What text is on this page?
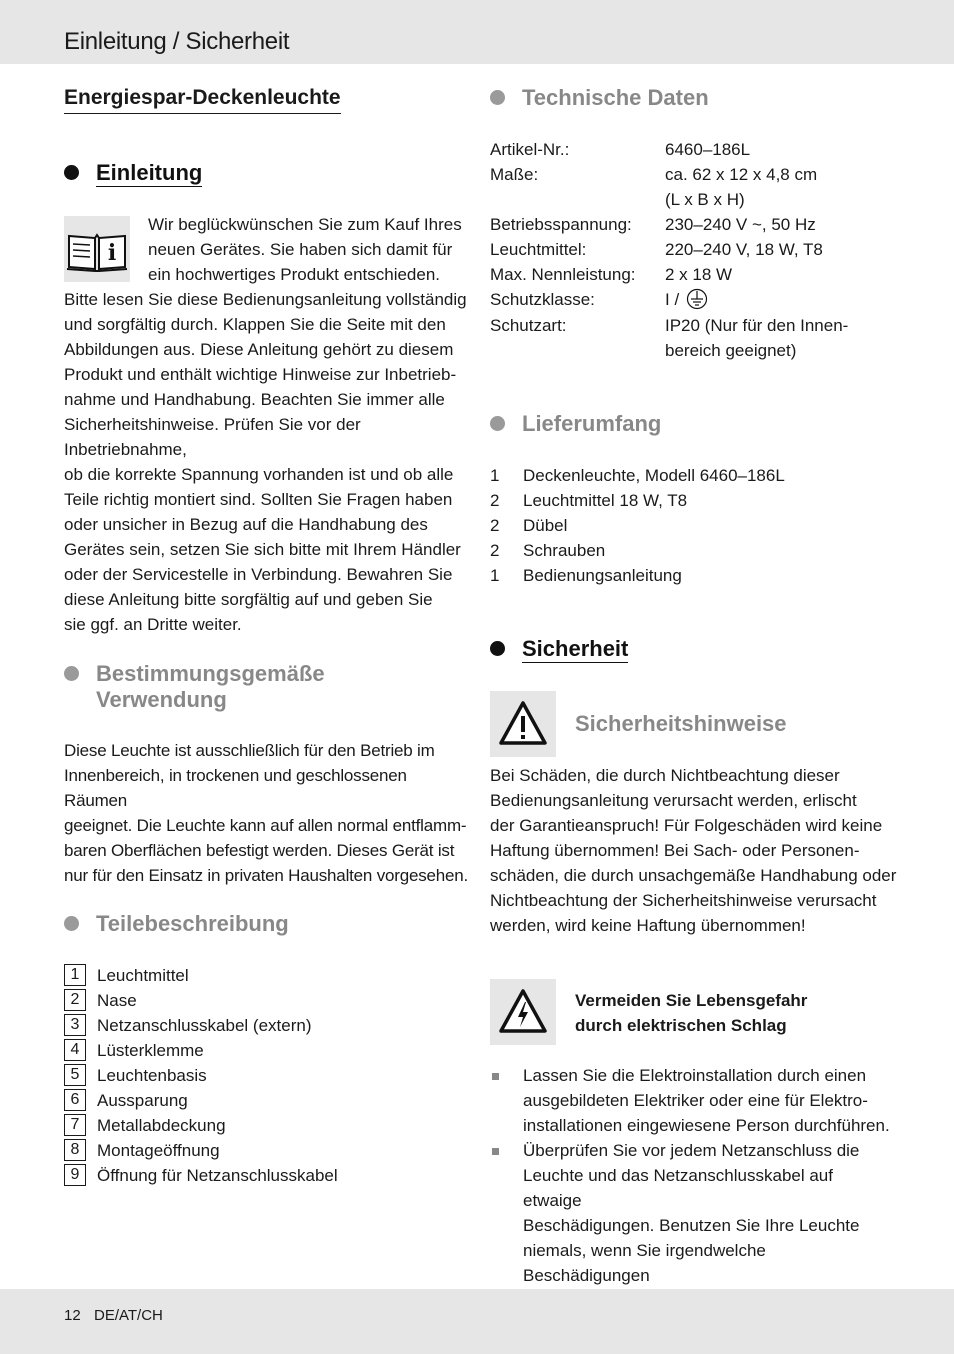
Einleitung / Sicherheit
Energiespar-Deckenleuchte
Einleitung
i
Wir beglückwünschen Sie zum Kauf Ihres
neuen Gerätes. Sie haben sich damit für
ein hochwertiges Produkt entschieden.
Bitte lesen Sie diese Bedienungsanleitung vollständig
und sorgfältig durch. Klappen Sie die Seite mit den
Abbildungen aus. Diese Anleitung gehört zu diesem
Produkt und enthält wichtige Hinweise zur Inbetrieb-
nahme und Handhabung. Beachten Sie immer alle
Sicherheitshinweise. Prüfen Sie vor der Inbetriebnahme,
ob die korrekte Spannung vorhanden ist und ob alle
Teile richtig montiert sind. Sollten Sie Fragen haben
oder unsicher in Bezug auf die Handhabung des
Gerätes sein, setzen Sie sich bitte mit Ihrem Händler
oder der Servicestelle in Verbindung. Bewahren Sie
diese Anleitung bitte sorgfältig auf und geben Sie
sie ggf. an Dritte weiter.
Bestimmungsgemäße
Verwendung
Diese Leuchte ist ausschließlich für den Betrieb im
Innenbereich, in trockenen und geschlossenen Räumen
geeignet. Die Leuchte kann auf allen normal entflamm-
baren Oberflächen befestigt werden. Dieses Gerät ist
nur für den Einsatz in privaten Haushalten vorgesehen.
Teilebeschreibung
1	Leuchtmittel
2	Nase
3	Netzanschlusskabel (extern)
4	Lüsterklemme
5	Leuchtenbasis
6	Aussparung
7	Metallabdeckung
8	Montageöffnung
9	Öffnung für Netzanschlusskabel
Technische Daten
Artikel-Nr.:	6460–186L
Maße:	ca. 62 x 12 x 4,8 cm
(L x B x H)
Betriebsspannung: 230–240 V ~, 50 Hz
Leuchtmittel:	220–240 V, 18 W, T8
Max. Nennleistung: 2 x 18 W
Schutzklasse:	I /
Schutzart:	IP20 (Nur für den Innen-
bereich geeignet)
Lieferumfang
1 Deckenleuchte, Modell 6460–186L
2 Leuchtmittel 18 W, T8
2 Dübel
2 Schrauben
1 Bedienungsanleitung
Sicherheit
Sicherheitshinweise
Bei Schäden, die durch Nichtbeachtung dieser
Bedienungsanleitung verursacht werden, erlischt
der Garantieanspruch! Für Folgeschäden wird keine
Haftung übernommen! Bei Sach- oder Personen-
schäden, die durch unsachgemäße Handhabung oder
Nichtbeachtung der Sicherheitshinweise verursacht
werden, wird keine Haftung übernommen!
Vermeiden Sie Lebensgefahr
durch elektrischen Schlag
Lassen Sie die Elektroinstallation durch einen
ausgebildeten Elektriker oder eine für Elektro-
installationen eingewiesene Person durchführen.
Überprüfen Sie vor jedem Netzanschluss die
Leuchte und das Netzanschlusskabel auf etwaige
Beschädigungen. Benutzen Sie Ihre Leuchte
niemals, wenn Sie irgendwelche Beschädigungen
12 DE/AT/CH
